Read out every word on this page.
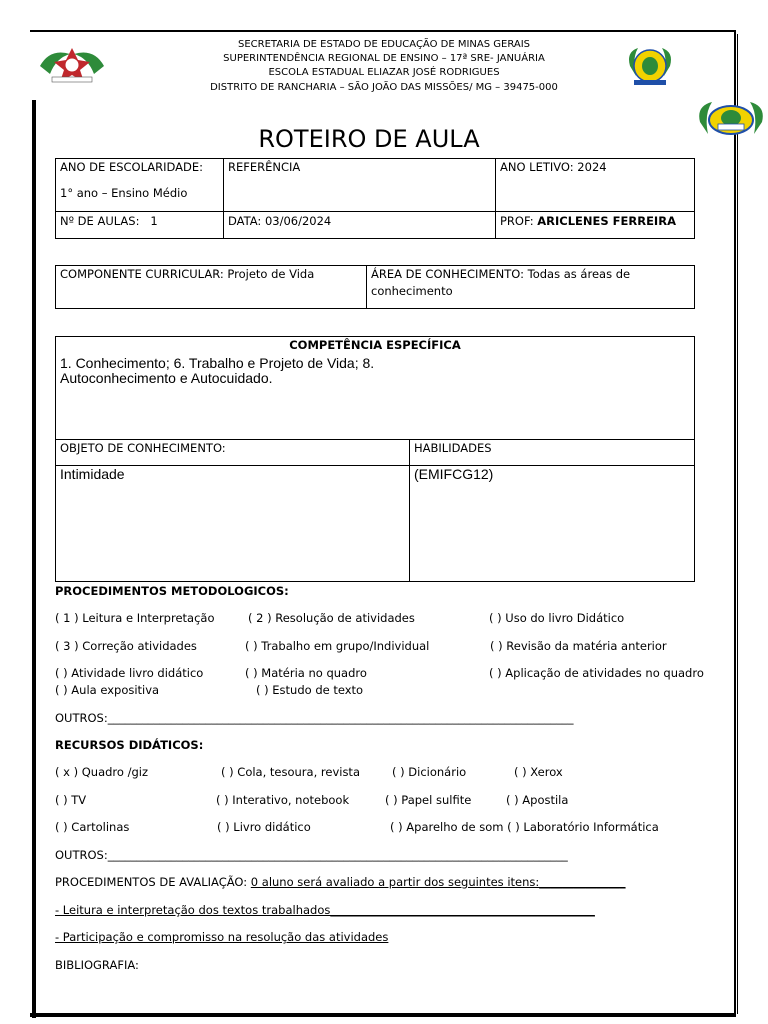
SECRETARIA DE ESTADO DE EDUCAÇÃO DE MINAS GERAIS
SUPERINTENDÊNCIA REGIONAL DE ENSINO – 17ª SRE- JANUÁRIA
ESCOLA ESTADUAL ELIAZAR JOSÉ RODRIGUES
DISTRITO DE RANCHARIA – SÃO JOÃO DAS MISSÕES/ MG – 39475-000
ROTEIRO DE AULA
ANO DE ESCOLARIDADE:
1° ano – Ensino Médio	REFERÊNCIA	ANO LETIVO: 2024

Nº DE AULAS: 1	DATA: 03/06/2024	PROF: ARICLENES FERREIRA
COMPONENTE CURRICULAR: Projeto de Vida	ÁREA DE CONHECIMENTO: Todas as áreas de
conhecimento
COMPETÊNCIA ESPECÍFICA
1. Conhecimento; 6. Trabalho e Projeto de Vida; 8.
Autoconhecimento e Autocuidado.	

OBJETO DE CONHECIMENTO:	HABILIDADES

Intimidade	(EMIFCG12)
PROCEDIMENTOS METODOLOGICOS:
( 1 ) Leitura e Interpretação	( 2 ) Resolução de atividades	( ) Uso do livro Didático
( 3 ) Correção atividades	( ) Trabalho em grupo/Individual	( ) Revisão da matéria anterior
( ) Atividade livro didático	( ) Matéria no quadro	( ) Aplicação de atividades no quadro
( ) Aula expositiva	( ) Estudo de texto
OUTROS:_________________________________________________________________________________
RECURSOS DIDÁTICOS:
( x ) Quadro /giz	( ) Cola, tesoura, revista	( ) Dicionário	( ) Xerox
( ) TV	( ) Interativo, notebook	( ) Papel sulfite	( ) Apostila
( ) Cartolinas	( ) Livro didático	( ) Aparelho de som ( ) Laboratório Informática
OUTROS:________________________________________________________________________________
PROCEDIMENTOS DE AVALIAÇÃO: 0 aluno será avaliado a partir dos seguintes itens:_______________
- Leitura e interpretação dos textos trabalhados______________________________________________
- Participação e compromisso na resolução das atividades
BIBLIOGRAFIA:
